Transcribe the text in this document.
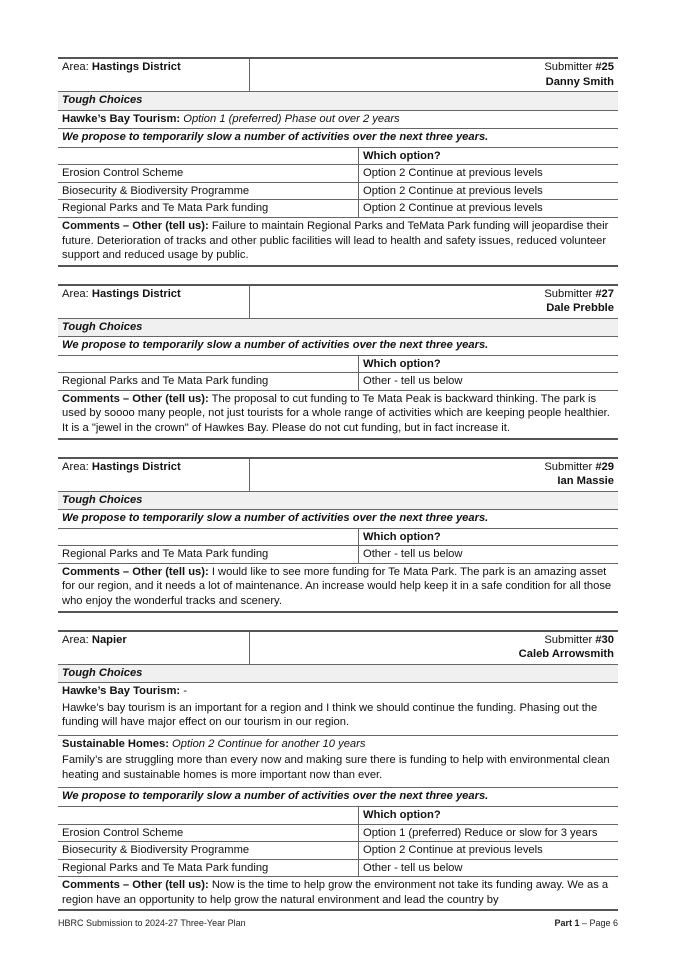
Area: Hastings District	Submitter #25
Danny Smith
Tough Choices
Hawke’s Bay Tourism: Option 1 (preferred) Phase out over 2 years
We propose to temporarily slow a number of activities over the next three years.
Which option?
Erosion Control Scheme	Option 2 Continue at previous levels
Biosecurity & Biodiversity Programme	Option 2 Continue at previous levels
Regional Parks and Te Mata Park funding	Option 2 Continue at previous levels
Comments – Other (tell us): Failure to maintain Regional Parks and TeMata Park funding will jeopardise their future. Deterioration of tracks and other public facilities will lead to health and safety issues, reduced volunteer support and reduced usage by public.
Area: Hastings District	Submitter #27
Dale Prebble
Tough Choices
We propose to temporarily slow a number of activities over the next three years.
Which option?
Regional Parks and Te Mata Park funding	Other - tell us below
Comments – Other (tell us): The proposal to cut funding to Te Mata Peak is backward thinking. The park is used by soooo many people, not just tourists for a whole range of activities which are keeping people healthier. It is a "jewel in the crown" of Hawkes Bay. Please do not cut funding, but in fact increase it.
Area: Hastings District	Submitter #29
Ian Massie
Tough Choices
We propose to temporarily slow a number of activities over the next three years.
Which option?
Regional Parks and Te Mata Park funding	Other - tell us below
Comments – Other (tell us): I would like to see more funding for Te Mata Park. The park is an amazing asset for our region, and it needs a lot of maintenance. An increase would help keep it in a safe condition for all those who enjoy the wonderful tracks and scenery.
Area: Napier	Submitter #30
Caleb Arrowsmith
Tough Choices
Hawke’s Bay Tourism: -
Hawke’s bay tourism is an important for a region and I think we should continue the funding. Phasing out the funding will have major effect on our tourism in our region.
Sustainable Homes: Option 2 Continue for another 10 years
Family’s are struggling more than every now and making sure there is funding to help with environmental clean heating and sustainable homes is more important now than ever.
We propose to temporarily slow a number of activities over the next three years.
Which option?
Erosion Control Scheme	Option 1 (preferred) Reduce or slow for 3 years
Biosecurity & Biodiversity Programme	Option 2 Continue at previous levels
Regional Parks and Te Mata Park funding	Other - tell us below
Comments – Other (tell us): Now is the time to help grow the environment not take its funding away. We as a region have an opportunity to help grow the natural environment and lead the country by
HBRC Submission to 2024-27 Three-Year Plan	Part 1 – Page 6
